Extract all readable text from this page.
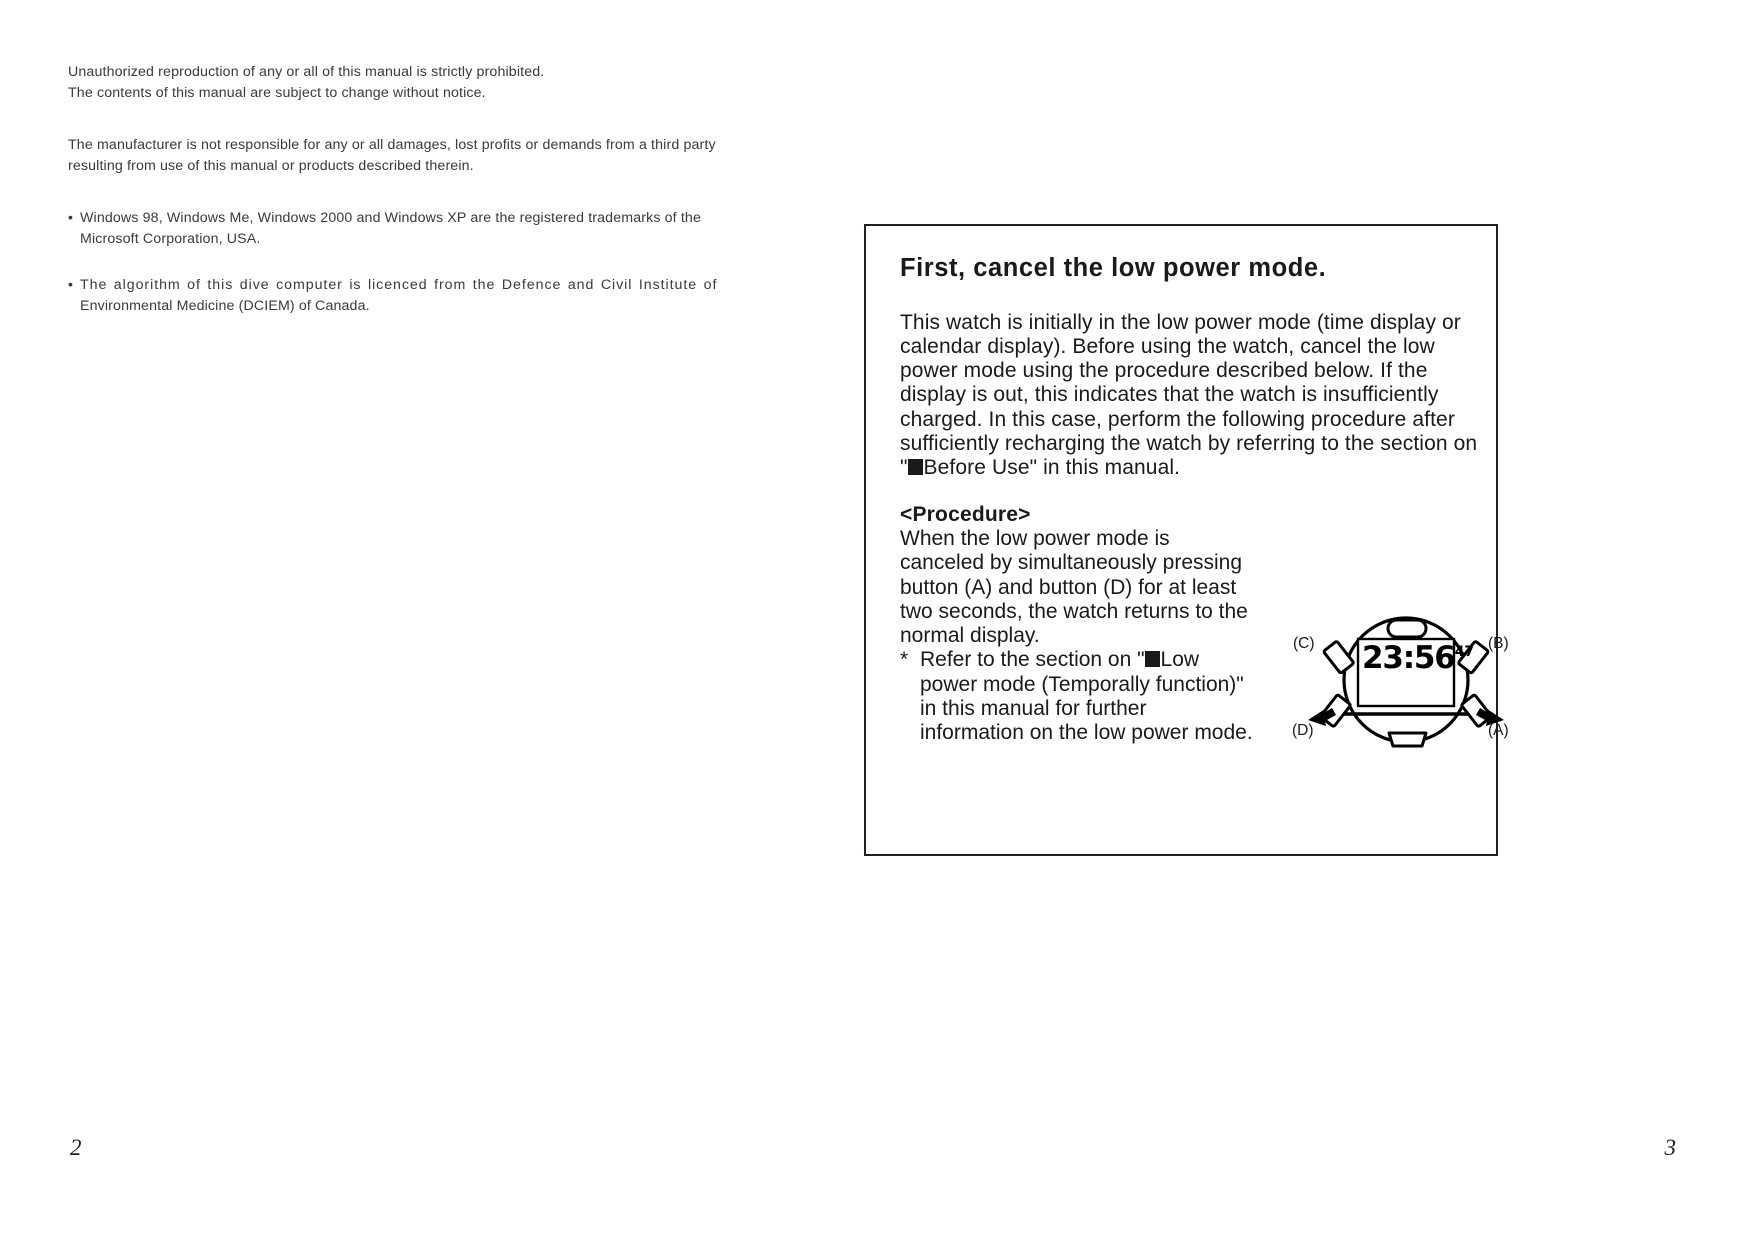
Unauthorized reproduction of any or all of this manual is strictly prohibited.

The contents of this manual are subject to change without notice.

The manufacturer is not responsible for any or all damages, lost profits or demands from a third party

resulting from use of this manual or products described therein.

• Windows 98, Windows Me, Windows 2000 and Windows XP are the registered trademarks of the
Microsoft Corporation, USA.
• The algorithm of this dive computer is licenced from the Defence and Civil Institute of
Environmental Medicine (DCIEM) of Canada.
First, cancel the low power mode.

This watch is initially in the low power mode (time display or calendar display). Before using the watch, cancel the low power mode using the procedure described below. If the display is out, this indicates that the watch is insufficiently charged. In this case, perform the following procedure after sufficiently recharging the watch by referring to the section on " Before Use" in this manual.

<Procedure>

When the low power mode is canceled by simultaneously pressing button (A) and button (D) for at least two seconds, the watch returns to the normal display.

* Refer to the section on " Low power mode (Temporally function)" in this manual for further information on the low power mode.

23:5647
(C)	(B)
(D)	(A)
2	3
